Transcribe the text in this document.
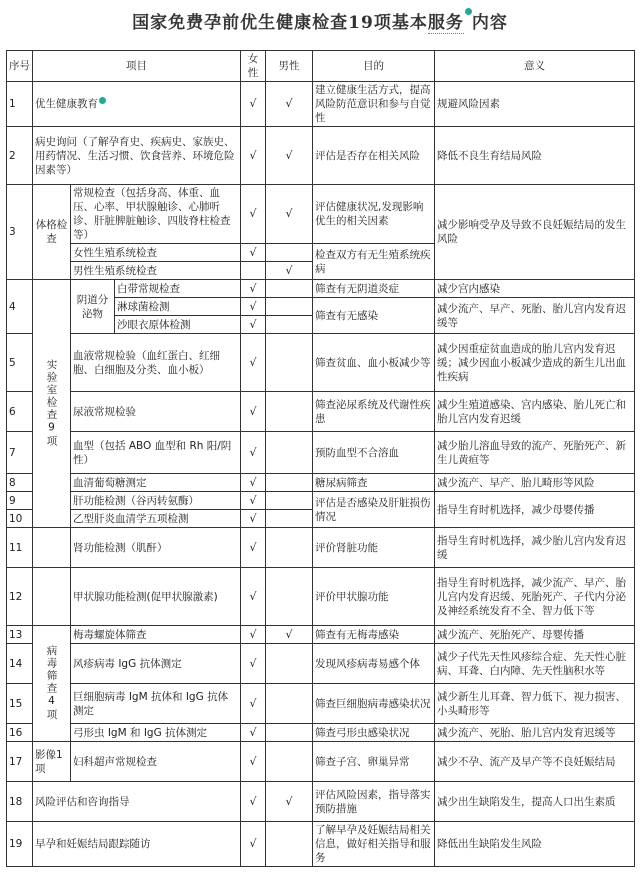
国家免费孕前优生健康检查19项基本服务 内容
序号	项目			女性	男性	目的	意义
1	优生健康教育			√	√	建立健康生活方式，提高风险防范意识和参与自觉性	规避风险因素
2	病史询问（了解孕育史、疾病史、家族史、用药情况、生活习惯、饮食营养、环境危险因素等）			√	√	评估是否存在相关风险	降低不良生育结局风险
3	体格检查	常规检查（包括身高、体重、血压、心率、甲状腺触诊、心肺听诊、肝脏脾脏触诊、四肢脊柱检查等）		√	√	评估健康状况,发现影响优生的相关因素	减少影响受孕及导致不良妊娠结局的发生风险
		女性生殖系统检查		√		检查双方有无生殖系统疾病	
		男性生殖系统检查			√		
4	实验室检查9项	阴道分泌物	白带常规检查	√		筛查有无阴道炎症	减少宫内感染
			淋球菌检测	√		筛查有无感染	减少流产、早产、死胎、胎儿宫内发育迟缓等
			沙眼衣原体检测	√			
5		血液常规检验（血红蛋白、红细胞、白细胞及分类、血小板）		√		筛查贫血、血小板减少等	减少因重症贫血造成的胎儿宫内发育迟缓；减少因血小板减少造成的新生儿出血性疾病
6		尿液常规检验		√		筛查泌尿系统及代谢性疾患	减少生殖道感染、宫内感染、胎儿死亡和胎儿宫内发育迟缓
7		血型（包括 ABO 血型和 Rh 阳/阴性）		√		预防血型不合溶血	减少胎儿溶血导致的流产、死胎死产、新生儿黄疸等
8		血清葡萄糖测定		√		糖尿病筛查	减少流产、早产、胎儿畸形等风险
9		肝功能检测（谷丙转氨酶）		√		评估是否感染及肝脏损伤情况	指导生育时机选择，减少母婴传播
10		乙型肝炎血清学五项检测		√			
11		肾功能检测（肌酐）		√		评价肾脏功能	指导生育时机选择，减少胎儿宫内发育迟缓
12		甲状腺功能检测(促甲状腺激素)		√		评价甲状腺功能	指导生育时机选择，减少流产、早产、胎儿宫内发育迟缓、死胎死产、子代内分泌及神经系统发育不全、智力低下等
13	病毒筛查4项	梅毒螺旋体筛查		√	√	筛查有无梅毒感染	减少流产、死胎死产、母婴传播
14		风疹病毒 IgG 抗体测定		√		发现风疹病毒易感个体	减少子代先天性风疹综合症、先天性心脏病、耳聋、白内障、先天性脑积水等
15		巨细胞病毒 IgM 抗体和 IgG 抗体测定		√		筛查巨细胞病毒感染状况	减少新生儿耳聋、智力低下、视力损害、小头畸形等
16		弓形虫 IgM 和 IgG 抗体测定		√		筛查弓形虫感染状况	减少流产、死胎、胎儿宫内发育迟缓等
17	影像1项	妇科超声常规检查		√		筛查子宫、卵巢异常	减少不孕、流产及早产等不良妊娠结局
18	风险评估和咨询指导			√	√	评估风险因素，指导落实预防措施	减少出生缺陷发生，提高人口出生素质
19	早孕和妊娠结局跟踪随访			√		了解早孕及妊娠结局相关信息，做好相关指导和服务	降低出生缺陷发生风险
